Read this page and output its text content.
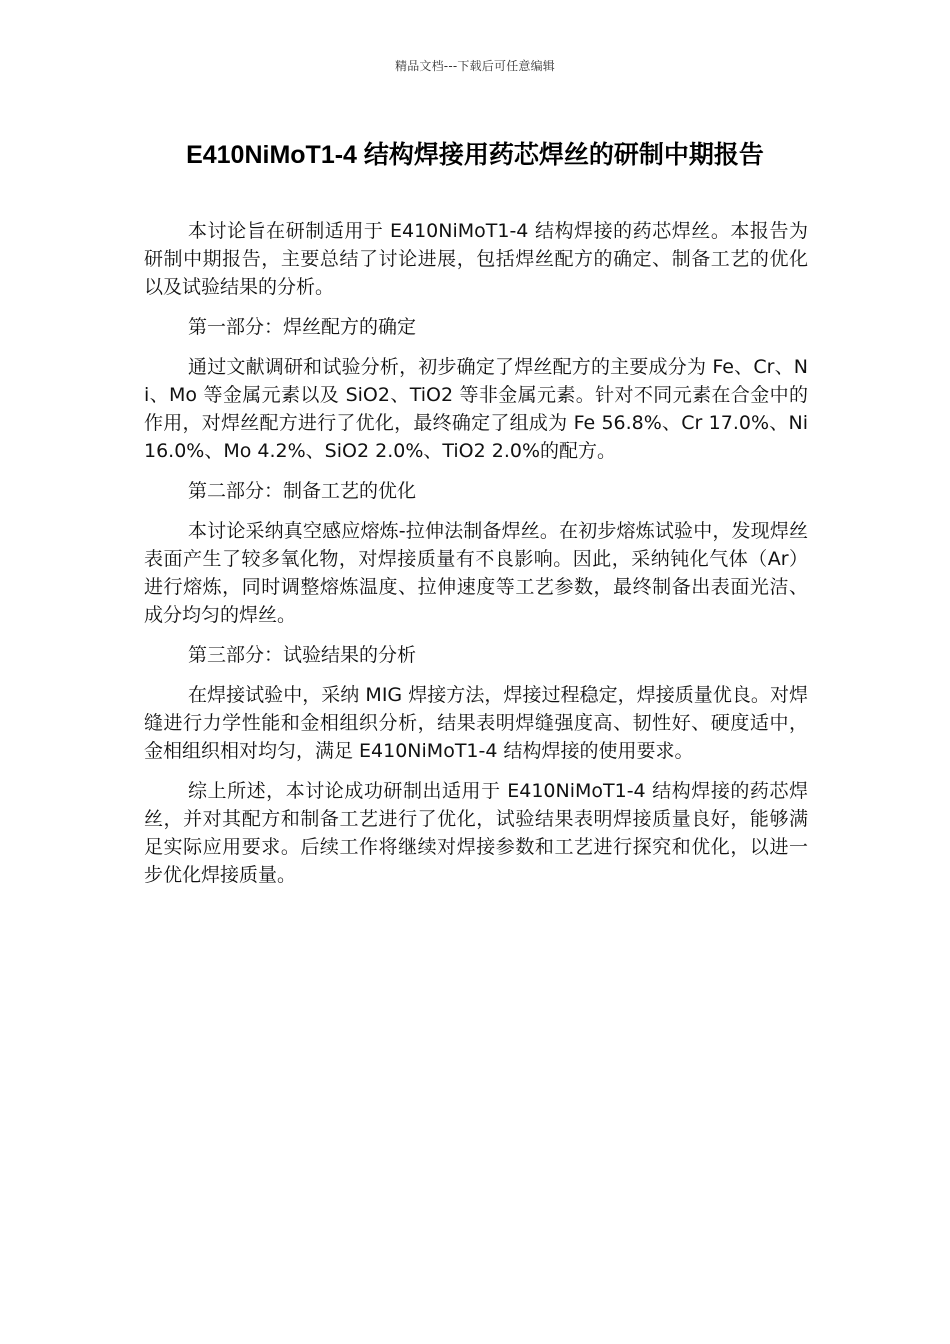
精品文档---下载后可任意编辑
E410NiMoT1-4 结构焊接用药芯焊丝的研制中期报告

本讨论旨在研制适用于 E410NiMoT1-4 结构焊接的药芯焊丝。本报告为研制中期报告，主要总结了讨论进展，包括焊丝配方的确定、制备工艺的优化以及试验结果的分析。

第一部分：焊丝配方的确定

通过文献调研和试验分析，初步确定了焊丝配方的主要成分为 Fe、Cr、Ni、Mo 等金属元素以及 SiO2、TiO2 等非金属元素。针对不同元素在合金中的作用，对焊丝配方进行了优化，最终确定了组成为 Fe 56.8%、Cr 17.0%、Ni 16.0%、Mo 4.2%、SiO2 2.0%、TiO2 2.0%的配方。

第二部分：制备工艺的优化

本讨论采纳真空感应熔炼-拉伸法制备焊丝。在初步熔炼试验中，发现焊丝表面产生了较多氧化物，对焊接质量有不良影响。因此，采纳钝化气体（Ar）进行熔炼，同时调整熔炼温度、拉伸速度等工艺参数，最终制备出表面光洁、成分均匀的焊丝。

第三部分：试验结果的分析

在焊接试验中，采纳 MIG 焊接方法，焊接过程稳定，焊接质量优良。对焊缝进行力学性能和金相组织分析，结果表明焊缝强度高、韧性好、硬度适中，金相组织相对均匀，满足 E410NiMoT1-4 结构焊接的使用要求。

综上所述，本讨论成功研制出适用于 E410NiMoT1-4 结构焊接的药芯焊丝，并对其配方和制备工艺进行了优化，试验结果表明焊接质量良好，能够满足实际应用要求。后续工作将继续对焊接参数和工艺进行探究和优化，以进一步优化焊接质量。
